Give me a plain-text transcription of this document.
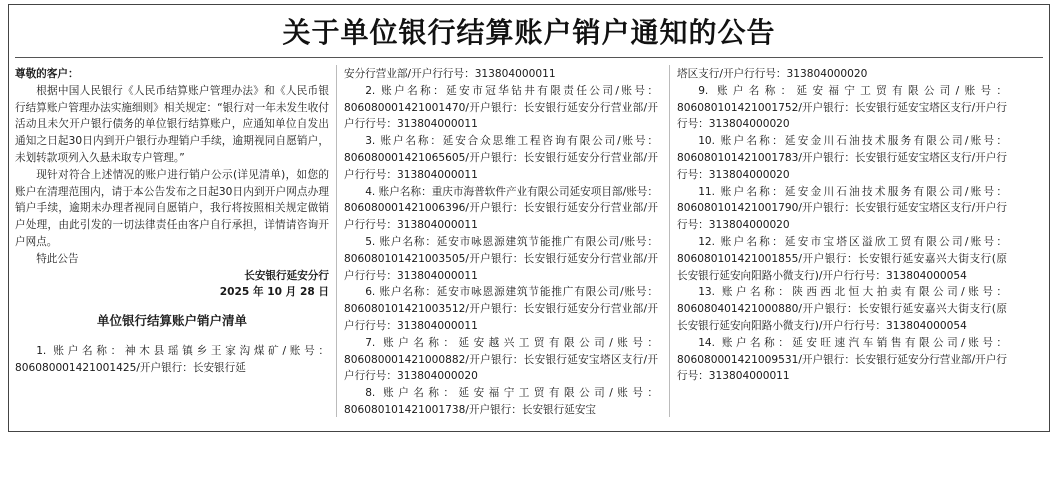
关于单位银行结算账户销户通知的公告
尊敬的客户：

根据中国人民银行《人民币结算账户管理办法》和《人民币银行结算账户管理办法实施细则》相关规定：“银行对一年未发生收付活动且未欠开户银行债务的单位银行结算账户，应通知单位自发出通知之日起30日内到开户银行办理销户手续，逾期视同自愿销户，未划转款项列入久悬未取专户管理。”

现针对符合上述情况的账户进行销户公示(详见清单)，如您的账户在清理范围内，请于本公告发布之日起30日内到开户网点办理销户手续，逾期未办理者视同自愿销户，我行将按照相关规定做销户处理，由此引发的一切法律责任由客户自行承担，详情请咨询开户网点。

特此公告

长安银行延安分行

2025 年 10 月 28 日

单位银行结算账户销户清单

1. 账户名称：神木县瑶镇乡王家沟煤矿/账号：806080001421001425/开户银行：长安银行延

安分行营业部/开户行行号：313804000011

2. 账户名称：延安市冠华钻井有限责任公司/账号：806080001421001470/开户银行：长安银行延安分行营业部/开户行行号：313804000011

3. 账户名称：延安合众思维工程咨询有限公司/账号：806080001421065605/开户银行：长安银行延安分行营业部/开户行行号：313804000011

4. 账户名称：重庆市海普软件产业有限公司延安项目部/账号：806080001421006396/开户银行：长安银行延安分行营业部/开户行行号：313804000011

5. 账户名称：延安市咏恩源建筑节能推广有限公司/账号：806080101421003505/开户银行：长安银行延安分行营业部/开户行行号：313804000011

6. 账户名称：延安市咏恩源建筑节能推广有限公司/账号：806080101421003512/开户银行：长安银行延安分行营业部/开户行行号：313804000011

7. 账户名称：延安越兴工贸有限公司/账号：806080001421000882/开户银行：长安银行延安宝塔区支行/开户行行号：313804000020

8. 账户名称：延安福宁工贸有限公司/账号：806080101421001738/开户银行：长安银行延安宝

塔区支行/开户行行号：313804000020

9. 账户名称：延安福宁工贸有限公司/账号：806080101421001752/开户银行：长安银行延安宝塔区支行/开户行行号：313804000020

10. 账户名称：延安金川石油技术服务有限公司/账号：806080101421001783/开户银行：长安银行延安宝塔区支行/开户行行号：313804000020

11. 账户名称：延安金川石油技术服务有限公司/账号：806080101421001790/开户银行：长安银行延安宝塔区支行/开户行行号：313804000020

12. 账户名称：延安市宝塔区溢欣工贸有限公司/账号：806080101421001855/开户银行：长安银行延安嘉兴大街支行(原长安银行延安向阳路小微支行)/开户行行号：313804000054

13. 账户名称：陕西西北恒大拍卖有限公司/账号：806080401421000880/开户银行：长安银行延安嘉兴大街支行(原长安银行延安向阳路小微支行)/开户行行号：313804000054

14. 账户名称：延安旺速汽车销售有限公司/账号：806080001421009531/开户银行：长安银行延安分行营业部/开户行行号：313804000011
